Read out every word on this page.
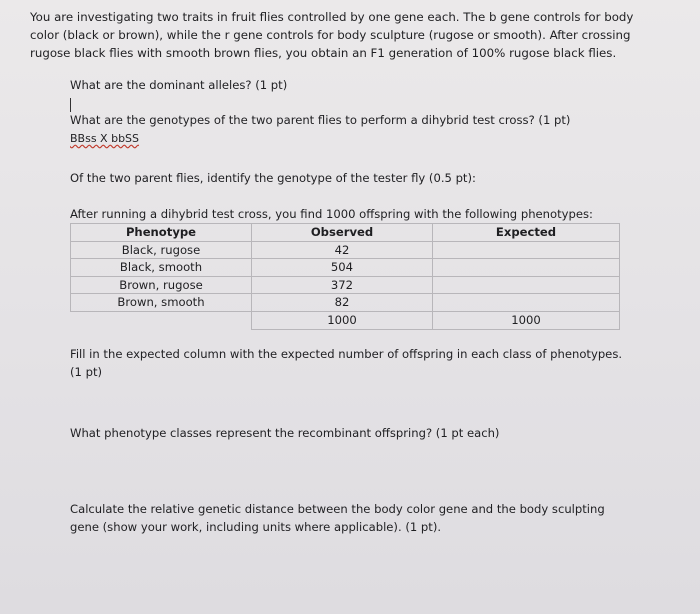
You are investigating two traits in fruit flies controlled by one gene each. The b gene controls for body
color (black or brown), while the r gene controls for body sculpture (rugose or smooth). After crossing
rugose black flies with smooth brown flies, you obtain an F1 generation of 100% rugose black flies.
What are the dominant alleles? (1 pt)
What are the genotypes of the two parent flies to perform a dihybrid test cross? (1 pt)
BBss X bbSS
Of the two parent flies, identify the genotype of the tester fly (0.5 pt):
After running a dihybrid test cross, you find 1000 offspring with the following phenotypes:
Phenotype	Observed	Expected
Black, rugose	42	
Black, smooth	504	
Brown, rugose	372	
Brown, smooth	82	
	1000	1000
Fill in the expected column with the expected number of offspring in each class of phenotypes.
(1 pt)
What phenotype classes represent the recombinant offspring? (1 pt each)
Calculate the relative genetic distance between the body color gene and the body sculpting
gene (show your work, including units where applicable). (1 pt).
